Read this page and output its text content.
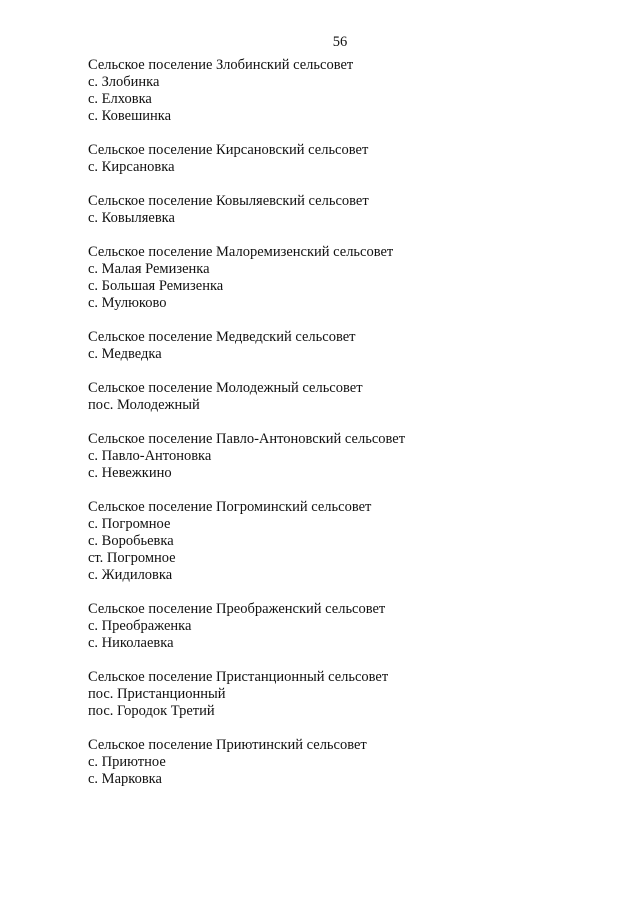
56
Сельское поселение Злобинский сельсовет
с. Злобинка
с. Елховка
с. Ковешинка
Сельское поселение Кирсановский сельсовет
с. Кирсановка
Сельское поселение Ковыляевский сельсовет
с. Ковыляевка
Сельское поселение Малоремизенский сельсовет
с. Малая Ремизенка
с. Большая Ремизенка
с. Мулюково
Сельское поселение Медведский сельсовет
с. Медведка
Сельское поселение Молодежный сельсовет
пос. Молодежный
Сельское поселение Павло-Антоновский сельсовет
с. Павло-Антоновка
с. Невежкино
Сельское поселение Погроминский сельсовет
с. Погромное
с. Воробьевка
ст. Погромное
с. Жидиловка
Сельское поселение Преображенский сельсовет
с. Преображенка
с. Николаевка
Сельское поселение Пристанционный сельсовет
пос. Пристанционный
пос. Городок Третий
Сельское поселение Приютинский сельсовет
с. Приютное
с. Марковка
